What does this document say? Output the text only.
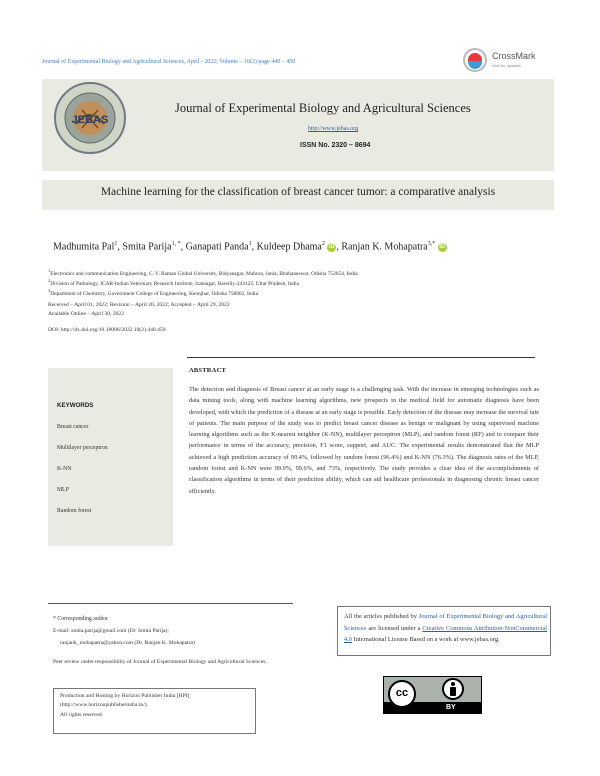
Journal of Experimental Biology and Agricultural Sciences, April - 2022; Volume – 10(2) page 440 – 450
CrossMark
click for updates
JEBAS
Journal of Experimental Biology and Agricultural Sciences
http://www.jebas.org
ISSN No. 2320 – 8694
Machine learning for the classification of breast cancer tumor: a comparative analysis
Madhumita Pal$^1$, Smita Parija$^{1, *}$, Ganapati Panda$^1$, Kuldeep Dhama$^2$ iD , Ranjan K. Mohapatra$^{3,*}$ iD
$^1$Electronics and communication Engineering, C. V. Raman Global University, Bidyanagar, Mahura, Janla, Bhubaneswar, Odisha 752054, India
$^2$Division of Pathology, ICAR-Indian Veterinary Research Institute, Izatnagar, Bareilly-243122, Uttar Pradesh, India
$^3$Department of Chemistry, Government College of Engineering, Keonjhar, Odisha 758002, India
Received – April 01, 2022; Revision – April 20, 2022; Accepted – April 29, 2022
Available Online – April 30, 2022
DOI: http://dx.doi.org/10.18006/2022.10(2).440.450
ABSTRACT
The detection and diagnosis of Breast cancer at an early stage is a challenging task. With the increase in emerging technologies such as data mining tools, along with machine learning algorithms, new prospects in the medical field for automatic diagnosis have been developed, with which the prediction of a disease at an early stage is possible. Early detection of the disease may increase the survival rate of patients. The main purpose of the study was to predict breast cancer disease as benign or malignant by using supervised machine learning algorithms such as the K-nearest neighbor (K-NN), multilayer perceptron (MLP), and random forest (RF) and to compare their performance in terms of the accuracy, precision, F1 score, support, and AUC. The experimental results demonstrated that the MLP achieved a high prediction accuracy of 99.4%, followed by random forest (96.4%) and K-NN (76.3%). The diagnosis rates of the MLP, random forest and K-NN were 99.9%, 99.6%, and 73%, respectively. The study provides a clear idea of the accomplishments of classification algorithms in terms of their prediction ability, which can aid healthcare professionals in diagnosing chronic breast cancer efficiently.
KEYWORDS
Breast cancer
Multilayer perceptron
K-NN
MLP
Random forest
* Corresponding author
E-mail: smita.parija@gmail.com (Dr. Smita Parija);
ranjank_mohapatra@yahoo.com (Dr. Ranjan K. Mohapatra)
Peer review under responsibility of Journal of Experimental Biology and Agricultural Sciences.
Production and Hosting by Horizon Publisher India [HPI]
(http://www.horizonpublisherindia.in/).
All rights reserved.
All the articles published by Journal of Experimental Biology and Agricultural Sciences are licensed under a Creative Commons Attribution-NonCommercial 4.0 International License Based on a work at www.jebas.org.
cc
BY
